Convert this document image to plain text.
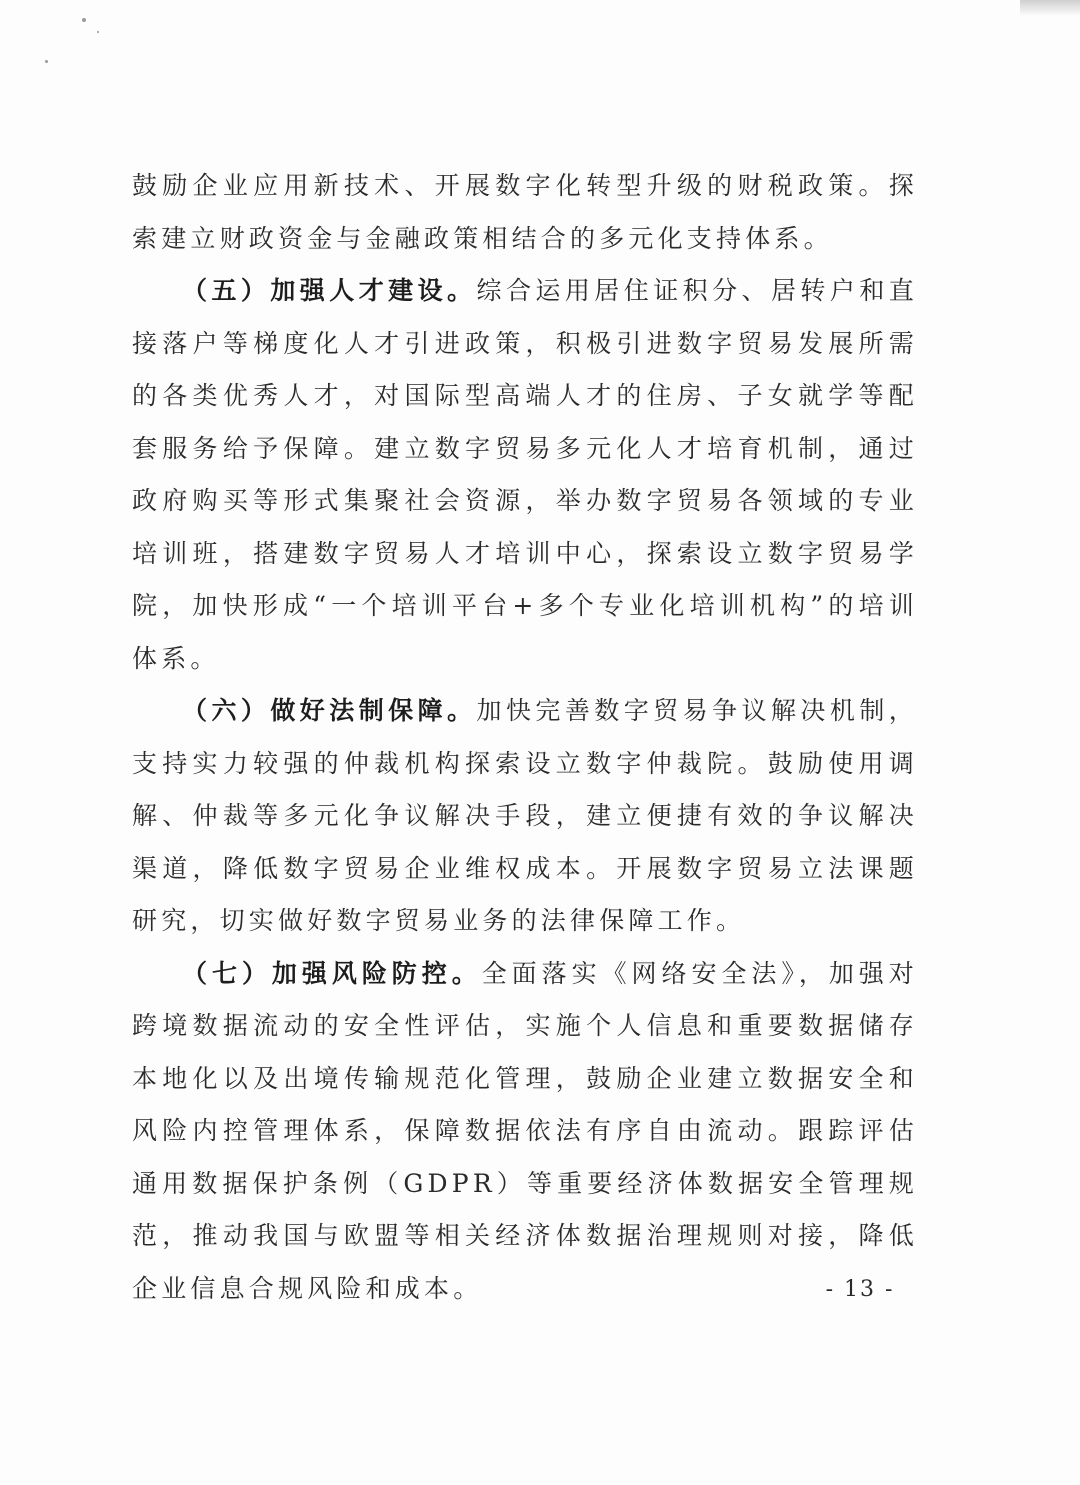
鼓励企业应用新技术、开展数字化转型升级的财税政策。探索建立财政资金与金融政策相结合的多元化支持体系。

（五）加强人才建设。综合运用居住证积分、居转户和直接落户等梯度化人才引进政策，积极引进数字贸易发展所需的各类优秀人才，对国际型高端人才的住房、子女就学等配套服务给予保障。建立数字贸易多元化人才培育机制，通过政府购买等形式集聚社会资源，举办数字贸易各领域的专业培训班，搭建数字贸易人才培训中心，探索设立数字贸易学院，加快形成“一个培训平台+多个专业化培训机构”的培训体系。

（六）做好法制保障。加快完善数字贸易争议解决机制，支持实力较强的仲裁机构探索设立数字仲裁院。鼓励使用调解、仲裁等多元化争议解决手段，建立便捷有效的争议解决渠道，降低数字贸易企业维权成本。开展数字贸易立法课题研究，切实做好数字贸易业务的法律保障工作。

（七）加强风险防控。全面落实《网络安全法》，加强对跨境数据流动的安全性评估，实施个人信息和重要数据储存本地化以及出境传输规范化管理，鼓励企业建立数据安全和风险内控管理体系，保障数据依法有序自由流动。跟踪评估通用数据保护条例（GDPR）等重要经济体数据安全管理规范，推动我国与欧盟等相关经济体数据治理规则对接，降低企业信息合规风险和成本。	- 13 -
